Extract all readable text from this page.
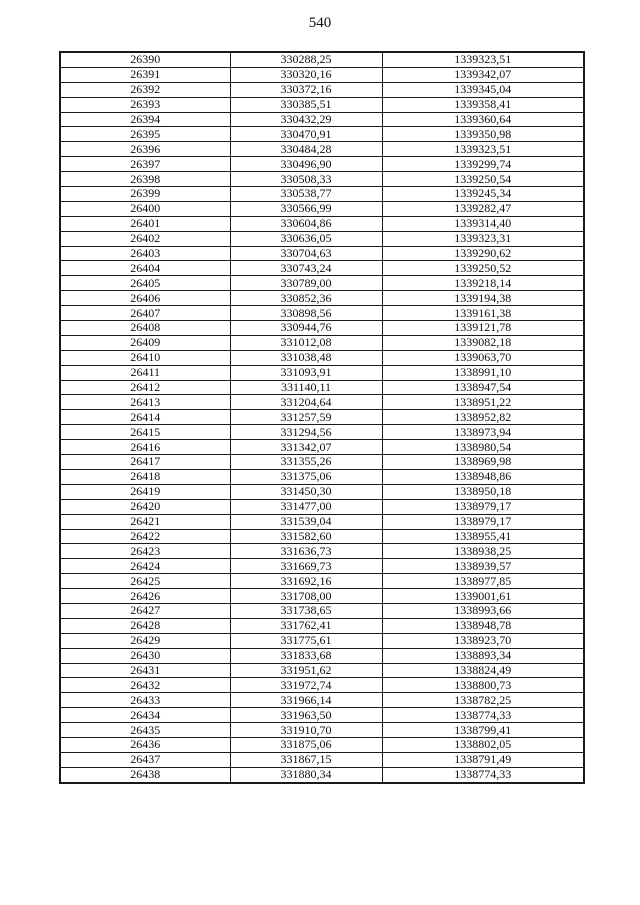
540
26390	330288,25	1339323,51
26391	330320,16	1339342,07
26392	330372,16	1339345,04
26393	330385,51	1339358,41
26394	330432,29	1339360,64
26395	330470,91	1339350,98
26396	330484,28	1339323,51
26397	330496,90	1339299,74
26398	330508,33	1339250,54
26399	330538,77	1339245,34
26400	330566,99	1339282,47
26401	330604,86	1339314,40
26402	330636,05	1339323,31
26403	330704,63	1339290,62
26404	330743,24	1339250,52
26405	330789,00	1339218,14
26406	330852,36	1339194,38
26407	330898,56	1339161,38
26408	330944,76	1339121,78
26409	331012,08	1339082,18
26410	331038,48	1339063,70
26411	331093,91	1338991,10
26412	331140,11	1338947,54
26413	331204,64	1338951,22
26414	331257,59	1338952,82
26415	331294,56	1338973,94
26416	331342,07	1338980,54
26417	331355,26	1338969,98
26418	331375,06	1338948,86
26419	331450,30	1338950,18
26420	331477,00	1338979,17
26421	331539,04	1338979,17
26422	331582,60	1338955,41
26423	331636,73	1338938,25
26424	331669,73	1338939,57
26425	331692,16	1338977,85
26426	331708,00	1339001,61
26427	331738,65	1338993,66
26428	331762,41	1338948,78
26429	331775,61	1338923,70
26430	331833,68	1338893,34
26431	331951,62	1338824,49
26432	331972,74	1338800,73
26433	331966,14	1338782,25
26434	331963,50	1338774,33
26435	331910,70	1338799,41
26436	331875,06	1338802,05
26437	331867,15	1338791,49
26438	331880,34	1338774,33
